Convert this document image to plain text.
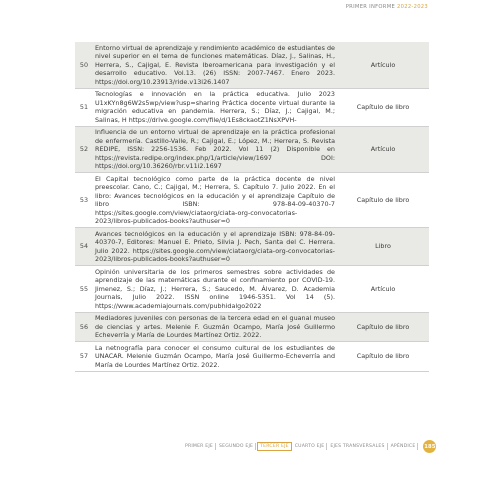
PRIMER INFORME 2022-2023
50	Entorno virtual de aprendizaje y rendimiento académico de estudiantes de nivel superior en el tema de funciones matemáticas. Díaz, J., Salinas, H., Herrera, S., Cajigal, E. Revista Iberoamericana para investigación y el desarrollo educativo. Vol.13. (26) ISSN: 2007-7467. Enero 2023. https://doi.org/10.23913/ride.v13i26.1407	Artículo
51	Tecnologías e innovación en la práctica educativa. Julio 2023 U1xKYn8g6W2s5wp/view?usp=sharing Práctica docente virtual durante la migración educativa en pandemia. Herrera, S.; Díaz, J.; Cajigal, M.; Salinas, H https://drive.google.com/file/d/1Es8ckaotZ1NsXPVH-	Capítulo de libro
52	Influencia de un entorno virtual de aprendizaje en la práctica profesional de enfermería. Castillo-Valle, R.; Cajigal, E.; López, M.; Herrera, S. Revista REDIPE, ISSN: 2256-1536. Feb 2022. Vol 11 (2) Disponible en https://revista.redipe.org/index.php/1/article/view/1697 DOI: https://doi.org/10.36260/rbr.v11i2.1697	Artículo
53	El Capital tecnológico como parte de la práctica docente de nivel preescolar. Cano, C.; Cajigal, M.; Herrera, S. Capítulo 7. Julio 2022. En el libro: Avances tecnológicos en la educación y el aprendizaje Capítulo de libro ISBN: 978-84-09-40370-7 https://sites.google.com/view/ciataorg/ciata-org-convocatorias-2023/libros-publicados-books?authuser=0	Capítulo de libro
54	Avances tecnológicos en la educación y el aprendizaje ISBN: 978-84-09-40370-7, Editores: Manuel E. Prieto, Silvia J. Pech, Santa del C. Herrera. Julio 2022. https://sites.google.com/view/ciataorg/ciata-org-convocatorias-2023/libros-publicados-books?authuser=0	Libro
55	Opinión universitaria de los primeros semestres sobre actividades de aprendizaje de las matemáticas durante el confinamiento por COVID-19. Jimenez, S.; Díaz, J.; Herrera, S.; Saucedo, M. Álvarez, D. Academia Journals, Julio 2022. ISSN online 1946-5351. Vol 14 (5). https://www.academiajournals.com/pubhidalgo2022	Artículo
56	Mediadores juveniles con personas de la tercera edad en el guanal museo de ciencias y artes. Melenie F. Guzmán Ocampo, María José Guillermo Echeverría y María de Lourdes Martínez Ortiz. 2022.	Capítulo de libro
57	La netnografía para conocer el consumo cultural de los estudiantes de UNACAR. Melenie Guzmán Ocampo, María José Guillermo-Echeverría and María de Lourdes Martínez Ortiz. 2022.	Capítulo de libro
PRIMER EJE	SEGUNDO EJE	TERCER EJE	CUARTO EJE	EJES TRANSVERSALES	APÉNDICE	185
